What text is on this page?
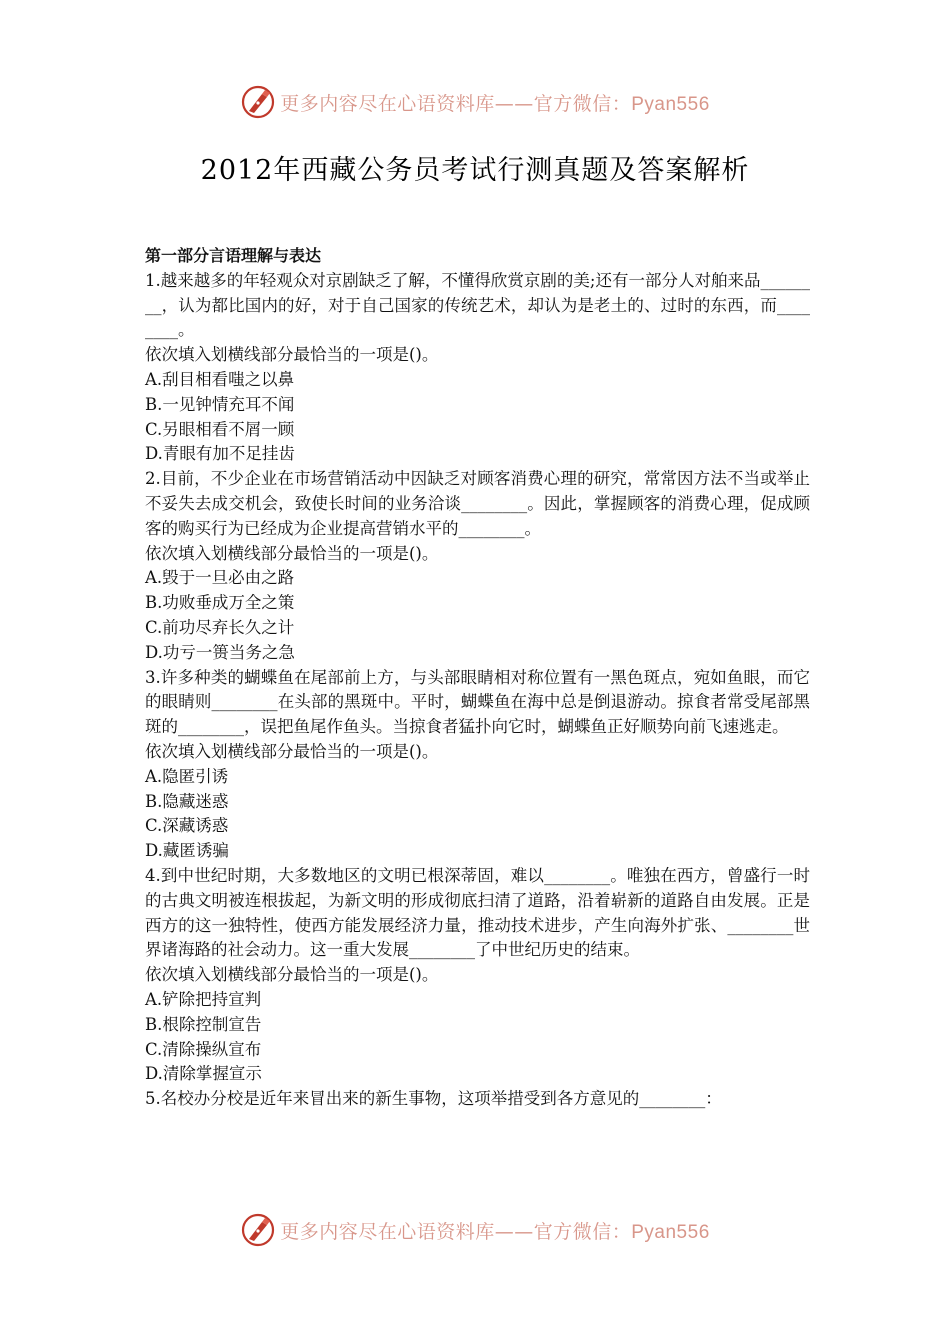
更多内容尽在心语资料库——官方微信：Pyan556
2012年西藏公务员考试行测真题及答案解析

第一部分言语理解与表达

1.越来越多的年轻观众对京剧缺乏了解，不懂得欣赏京剧的美;还有一部分人对舶来品________，认为都比国内的好，对于自己国家的传统艺术，却认为是老土的、过时的东西，而________。

依次填入划横线部分最恰当的一项是()。

A.刮目相看嗤之以鼻

B.一见钟情充耳不闻

C.另眼相看不屑一顾

D.青眼有加不足挂齿

2.目前，不少企业在市场营销活动中因缺乏对顾客消费心理的研究，常常因方法不当或举止不妥失去成交机会，致使长时间的业务洽谈________。因此，掌握顾客的消费心理，促成顾客的购买行为已经成为企业提高营销水平的________。

依次填入划横线部分最恰当的一项是()。

A.毁于一旦必由之路

B.功败垂成万全之策

C.前功尽弃长久之计

D.功亏一篑当务之急

3.许多种类的蝴蝶鱼在尾部前上方，与头部眼睛相对称位置有一黑色斑点，宛如鱼眼，而它的眼睛则________在头部的黑斑中。平时，蝴蝶鱼在海中总是倒退游动。掠食者常受尾部黑斑的________，误把鱼尾作鱼头。当掠食者猛扑向它时，蝴蝶鱼正好顺势向前飞速逃走。

依次填入划横线部分最恰当的一项是()。

A.隐匿引诱

B.隐藏迷惑

C.深藏诱惑

D.藏匿诱骗

4.到中世纪时期，大多数地区的文明已根深蒂固，难以________。唯独在西方，曾盛行一时的古典文明被连根拔起，为新文明的形成彻底扫清了道路，沿着崭新的道路自由发展。正是西方的这一独特性，使西方能发展经济力量，推动技术进步，产生向海外扩张、________世界诸海路的社会动力。这一重大发展________了中世纪历史的结束。

依次填入划横线部分最恰当的一项是()。

A.铲除把持宣判

B.根除控制宣告

C.清除操纵宣布

D.清除掌握宣示

5.名校办分校是近年来冒出来的新生事物，这项举措受到各方意见的________：

更多内容尽在心语资料库——官方微信：Pyan556
